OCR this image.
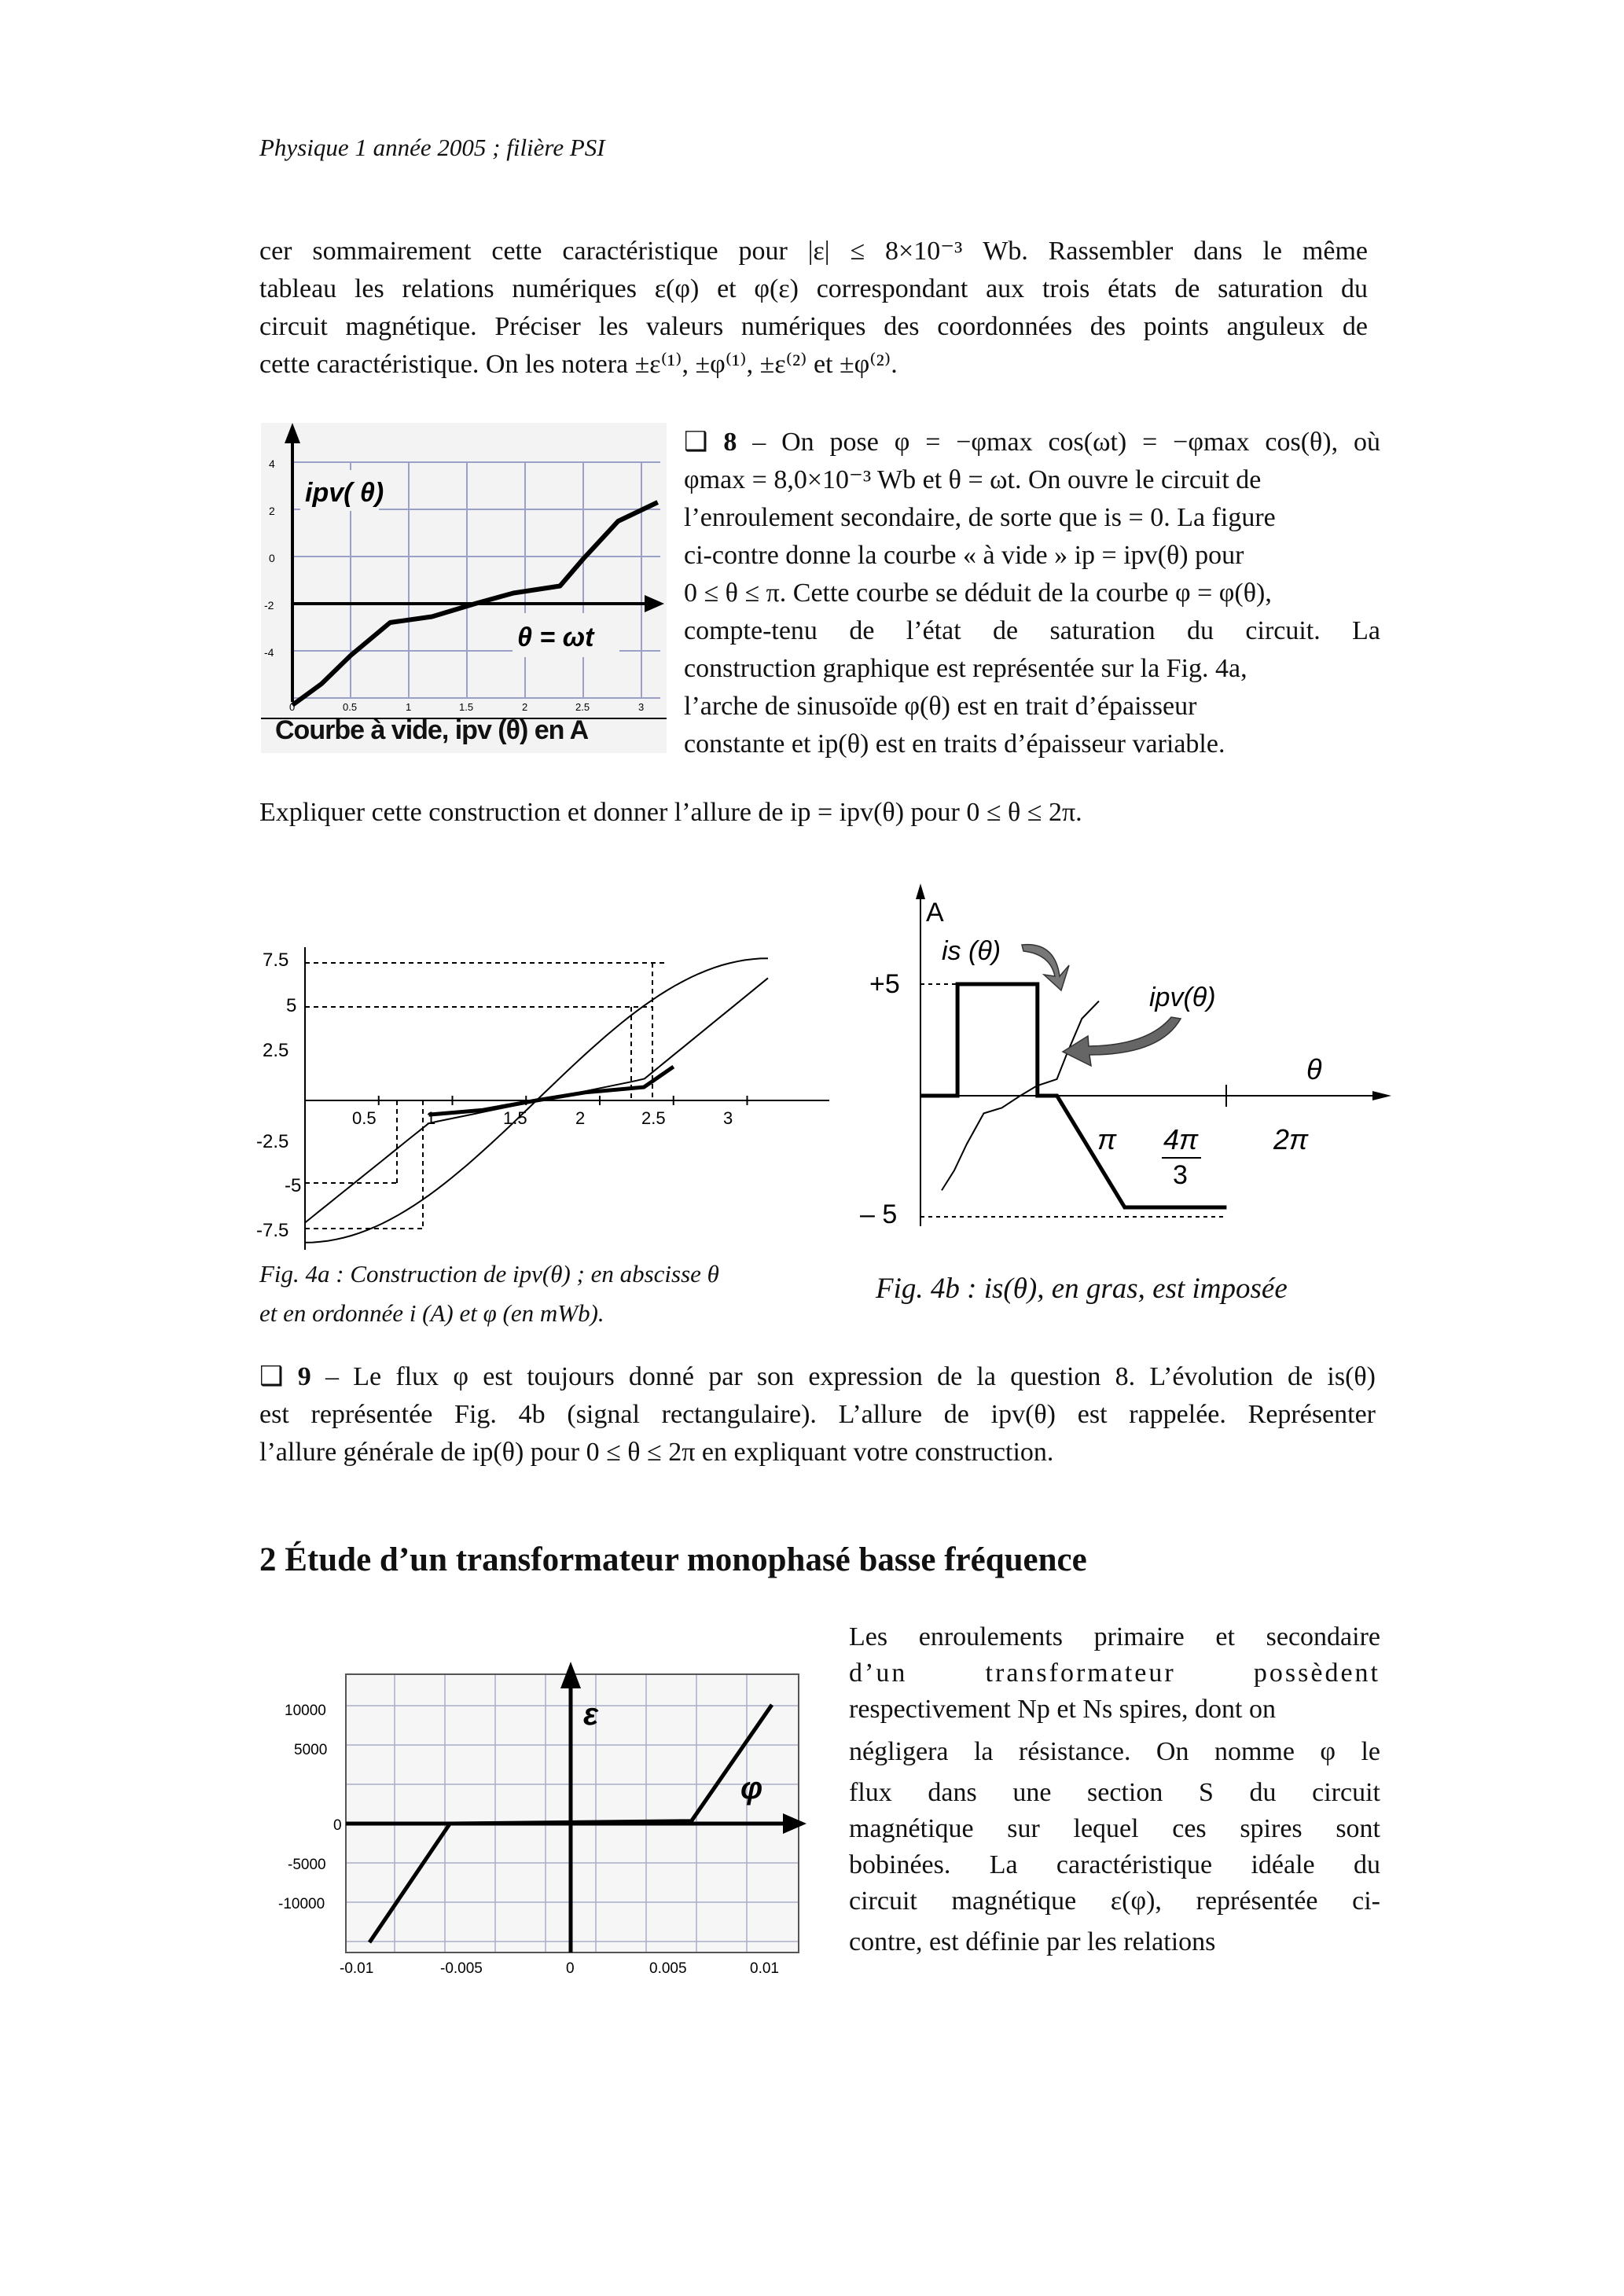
Physique 1 année 2005 ; filière PSI
cer sommairement cette caractéristique pour |ε| ≤ 8×10⁻³ Wb. Rassembler dans le même
tableau les relations numériques ε(φ) et φ(ε) correspondant aux trois états de saturation du
circuit magnétique. Préciser les valeurs numériques des coordonnées des points anguleux de
cette caractéristique. On les notera ±ε⁽¹⁾, ±φ⁽¹⁾, ±ε⁽²⁾ et ±φ⁽²⁾.
4
2
0
-2
-4
0	0.5	1	1.5	2	2.5	3
ipv( θ)
θ = ωt
Courbe à vide, ipv (θ) en A
❑ 8 – On pose φ = −φmax cos(ωt) = −φmax cos(θ), où
φmax = 8,0×10⁻³ Wb et θ = ωt. On ouvre le circuit de
l’enroulement secondaire, de sorte que is = 0. La figure
ci-contre donne la courbe « à vide » ip = ipv(θ) pour
0 ≤ θ ≤ π. Cette courbe se déduit de la courbe φ = φ(θ),
compte-tenu de l’état de saturation du circuit. La
construction graphique est représentée sur la Fig. 4a,
l’arche de sinusoïde φ(θ) est en trait d’épaisseur
constante et ip(θ) est en traits d’épaisseur variable.
Expliquer cette construction et donner l’allure de ip = ipv(θ) pour 0 ≤ θ ≤ 2π.
7.5
5
2.5
-2.5
-5
-7.5
0.5	1	1.5	2	2.5	3
Fig. 4a : Construction de ipv(θ) ; en abscisse θ
et en ordonnée i (A) et φ (en mWb).
A
θ
+5
– 5
is (θ)
ipv(θ)
π 4π
3
2π
Fig. 4b : is(θ), en gras, est imposée
❑ 9 – Le flux φ est toujours donné par son expression de la question 8. L’évolution de is(θ)
est représentée Fig. 4b (signal rectangulaire). L’allure de ipv(θ) est rappelée. Représenter
l’allure générale de ip(θ) pour 0 ≤ θ ≤ 2π en expliquant votre construction.
2 Étude d’un transformateur monophasé basse fréquence
10000
5000
0
-5000
-10000
-0.01	-0.005	0	0.005	0.01
ε
φ
Les enroulements primaire et secondaire
d’un transformateur possèdent
respectivement Np et Ns spires, dont on
négligera la résistance. On nomme φ le
flux dans une section S du circuit
magnétique sur lequel ces spires sont
bobinées. La caractéristique idéale du
circuit magnétique ε(φ), représentée ci-
contre, est définie par les relations
